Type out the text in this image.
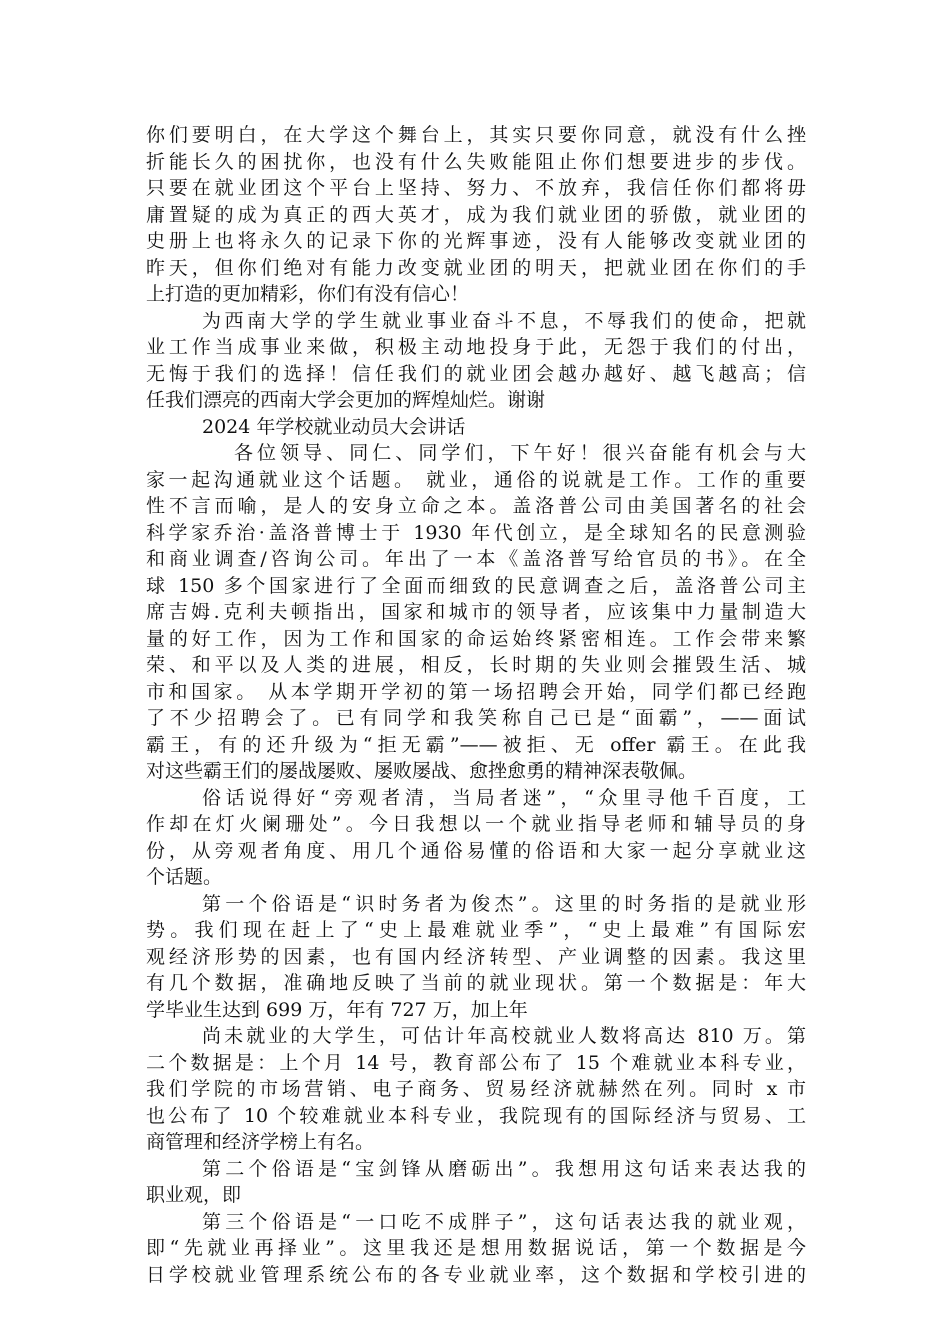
你们要明白，在大学这个舞台上，其实只要你同意，就没有什么挫
折能长久的困扰你，也没有什么失败能阻止你们想要进步的步伐。
只要在就业团这个平台上坚持、努力、不放弃，我信任你们都将毋
庸置疑的成为真正的西大英才，成为我们就业团的骄傲，就业团的
史册上也将永久的记录下你的光辉事迹，没有人能够改变就业团的
昨天，但你们绝对有能力改变就业团的明天，把就业团在你们的手
上打造的更加精彩，你们有没有信心！
为西南大学的学生就业事业奋斗不息，不辱我们的使命，把就
业工作当成事业来做，积极主动地投身于此，无怨于我们的付出，
无悔于我们的选择！信任我们的就业团会越办越好、越飞越高；信
任我们漂亮的西南大学会更加的辉煌灿烂。谢谢
2024 年学校就业动员大会讲话
各位领导、同仁、同学们，下午好！很兴奋能有机会与大
家一起沟通就业这个话题。 就业，通俗的说就是工作。工作的重要
性不言而喻，是人的安身立命之本。盖洛普公司由美国著名的社会
科学家乔治·盖洛普博士于 1930 年代创立，是全球知名的民意测验
和商业调查/咨询公司。年出了一本《盖洛普写给官员的书》。在全
球 150 多个国家进行了全面而细致的民意调查之后，盖洛普公司主
席吉姆.克利夫顿指出，国家和城市的领导者，应该集中力量制造大
量的好工作，因为工作和国家的命运始终紧密相连。工作会带来繁
荣、和平以及人类的进展，相反，长时期的失业则会摧毁生活、城
市和国家。 从本学期开学初的第一场招聘会开始，同学们都已经跑
了不少招聘会了。已有同学和我笑称自己已是“面霸”，——面试
霸王，有的还升级为“拒无霸”——被拒、无 offer 霸王。在此我
对这些霸王们的屡战屡败、屡败屡战、愈挫愈勇的精神深表敬佩。
俗话说得好“旁观者清，当局者迷”，“众里寻他千百度，工
作却在灯火阑珊处”。今日我想以一个就业指导老师和辅导员的身
份，从旁观者角度、用几个通俗易懂的俗语和大家一起分享就业这
个话题。
第一个俗语是“识时务者为俊杰”。这里的时务指的是就业形
势。我们现在赶上了“史上最难就业季”，“史上最难”有国际宏
观经济形势的因素，也有国内经济转型、产业调整的因素。我这里
有几个数据，准确地反映了当前的就业现状。第一个数据是：年大
学毕业生达到 699 万，年有 727 万，加上年
尚未就业的大学生，可估计年高校就业人数将高达 810 万。第
二个数据是：上个月 14 号，教育部公布了 15 个难就业本科专业，
我们学院的市场营销、电子商务、贸易经济就赫然在列。同时 x 市
也公布了 10 个较难就业本科专业，我院现有的国际经济与贸易、工
商管理和经济学榜上有名。
第二个俗语是“宝剑锋从磨砺出”。我想用这句话来表达我的
职业观，即
第三个俗语是“一口吃不成胖子”，这句话表达我的就业观，
即“先就业再择业”。这里我还是想用数据说话，第一个数据是今
日学校就业管理系统公布的各专业就业率，这个数据和学校引进的
